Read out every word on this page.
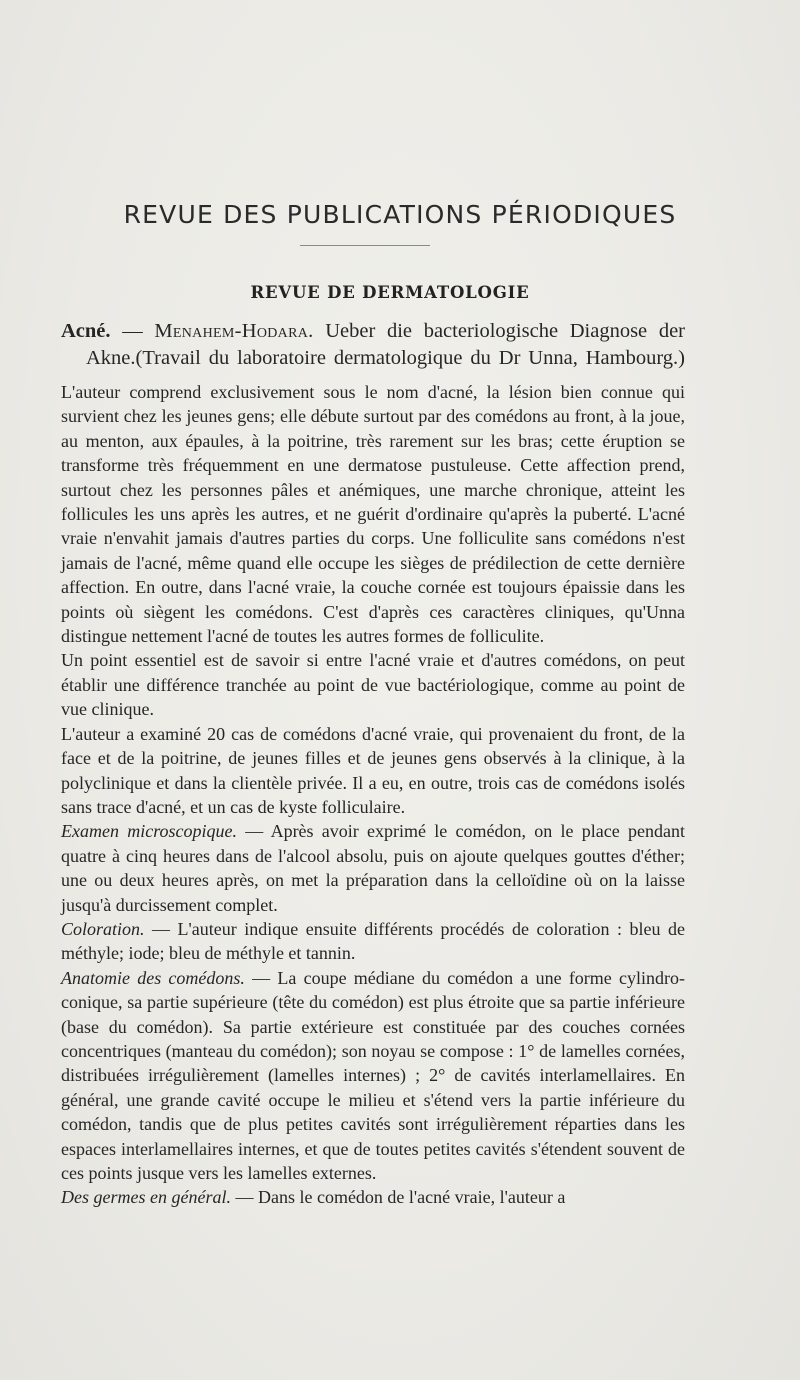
REVUE DES PUBLICATIONS PÉRIODIQUES
REVUE DE DERMATOLOGIE
Acné. — Menahem-Hodara. Ueber die bacteriologische Diagnose der Akne.(Travail du laboratoire dermatologique du Dr Unna, Hambourg.)

L'auteur comprend exclusivement sous le nom d'acné, la lésion bien connue qui survient chez les jeunes gens; elle débute surtout par des comédons au front, à la joue, au menton, aux épaules, à la poitrine, très rarement sur les bras; cette éruption se transforme très fréquemment en une dermatose pustuleuse. Cette affection prend, surtout chez les personnes pâles et anémiques, une marche chronique, atteint les follicules les uns après les autres, et ne guérit d'ordinaire qu'après la puberté. L'acné vraie n'envahit jamais d'autres parties du corps. Une folliculite sans comédons n'est jamais de l'acné, même quand elle occupe les sièges de prédilection de cette dernière affection. En outre, dans l'acné vraie, la couche cornée est toujours épaissie dans les points où siègent les comédons. C'est d'après ces caractères cliniques, qu'Unna distingue nettement l'acné de toutes les autres formes de folliculite.

Un point essentiel est de savoir si entre l'acné vraie et d'autres comédons, on peut établir une différence tranchée au point de vue bactériologique, comme au point de vue clinique.

L'auteur a examiné 20 cas de comédons d'acné vraie, qui provenaient du front, de la face et de la poitrine, de jeunes filles et de jeunes gens observés à la clinique, à la polyclinique et dans la clientèle privée. Il a eu, en outre, trois cas de comédons isolés sans trace d'acné, et un cas de kyste folliculaire.

Examen microscopique. — Après avoir exprimé le comédon, on le place pendant quatre à cinq heures dans de l'alcool absolu, puis on ajoute quelques gouttes d'éther; une ou deux heures après, on met la préparation dans la celloïdine où on la laisse jusqu'à durcissement complet.

Coloration. — L'auteur indique ensuite différents procédés de coloration : bleu de méthyle; iode; bleu de méthyle et tannin.

Anatomie des comédons. — La coupe médiane du comédon a une forme cylindro-conique, sa partie supérieure (tête du comédon) est plus étroite que sa partie inférieure (base du comédon). Sa partie extérieure est constituée par des couches cornées concentriques (manteau du comédon); son noyau se compose : 1° de lamelles cornées, distribuées irrégulièrement (lamelles internes) ; 2° de cavités interlamellaires. En général, une grande cavité occupe le milieu et s'étend vers la partie inférieure du comédon, tandis que de plus petites cavités sont irrégulièrement réparties dans les espaces interlamellaires internes, et que de toutes petites cavités s'étendent souvent de ces points jusque vers les lamelles externes.

Des germes en général. — Dans le comédon de l'acné vraie, l'auteur a
